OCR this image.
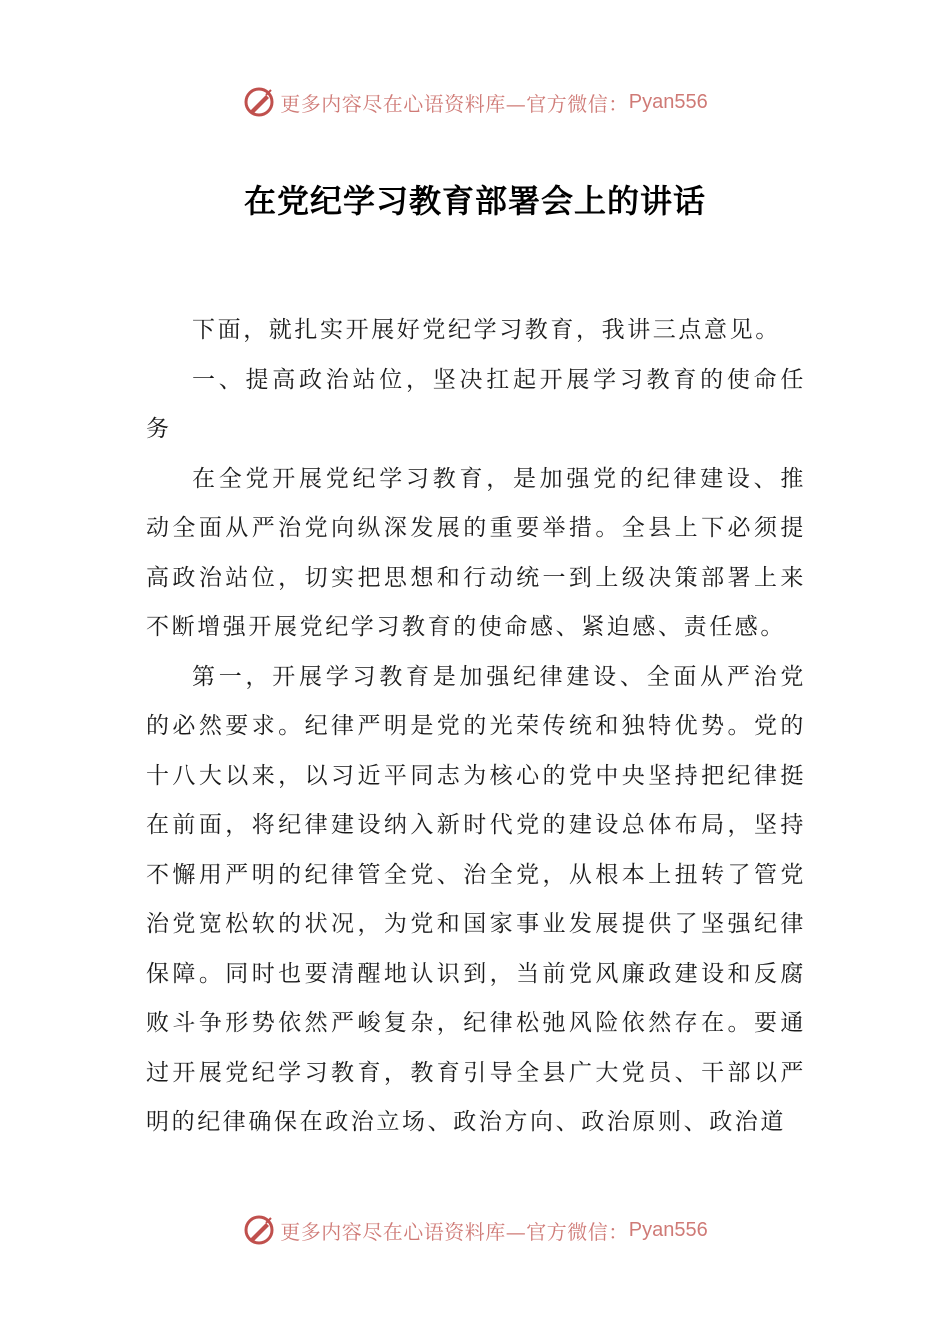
更多内容尽在心语资料库—官方微信： Pyan556
在党纪学习教育部署会上的讲话

下面，就扎实开展好党纪学习教育，我讲三点意见。

一、提高政治站位，坚决扛起开展学习教育的使命任务

在全党开展党纪学习教育，是加强党的纪律建设、推动全面从严治党向纵深发展的重要举措。全县上下必须提高政治站位，切实把思想和行动统一到上级决策部署上来不断增强开展党纪学习教育的使命感、紧迫感、责任感。

第一，开展学习教育是加强纪律建设、全面从严治党的必然要求。纪律严明是党的光荣传统和独特优势。党的十八大以来，以习近平同志为核心的党中央坚持把纪律挺在前面，将纪律建设纳入新时代党的建设总体布局，坚持不懈用严明的纪律管全党、治全党，从根本上扭转了管党治党宽松软的状况，为党和国家事业发展提供了坚强纪律保障。同时也要清醒地认识到，当前党风廉政建设和反腐败斗争形势依然严峻复杂，纪律松弛风险依然存在。要通过开展党纪学习教育，教育引导全县广大党员、干部以严明的纪律确保在政治立场、政治方向、政治原则、政治道

更多内容尽在心语资料库—官方微信： Pyan556
